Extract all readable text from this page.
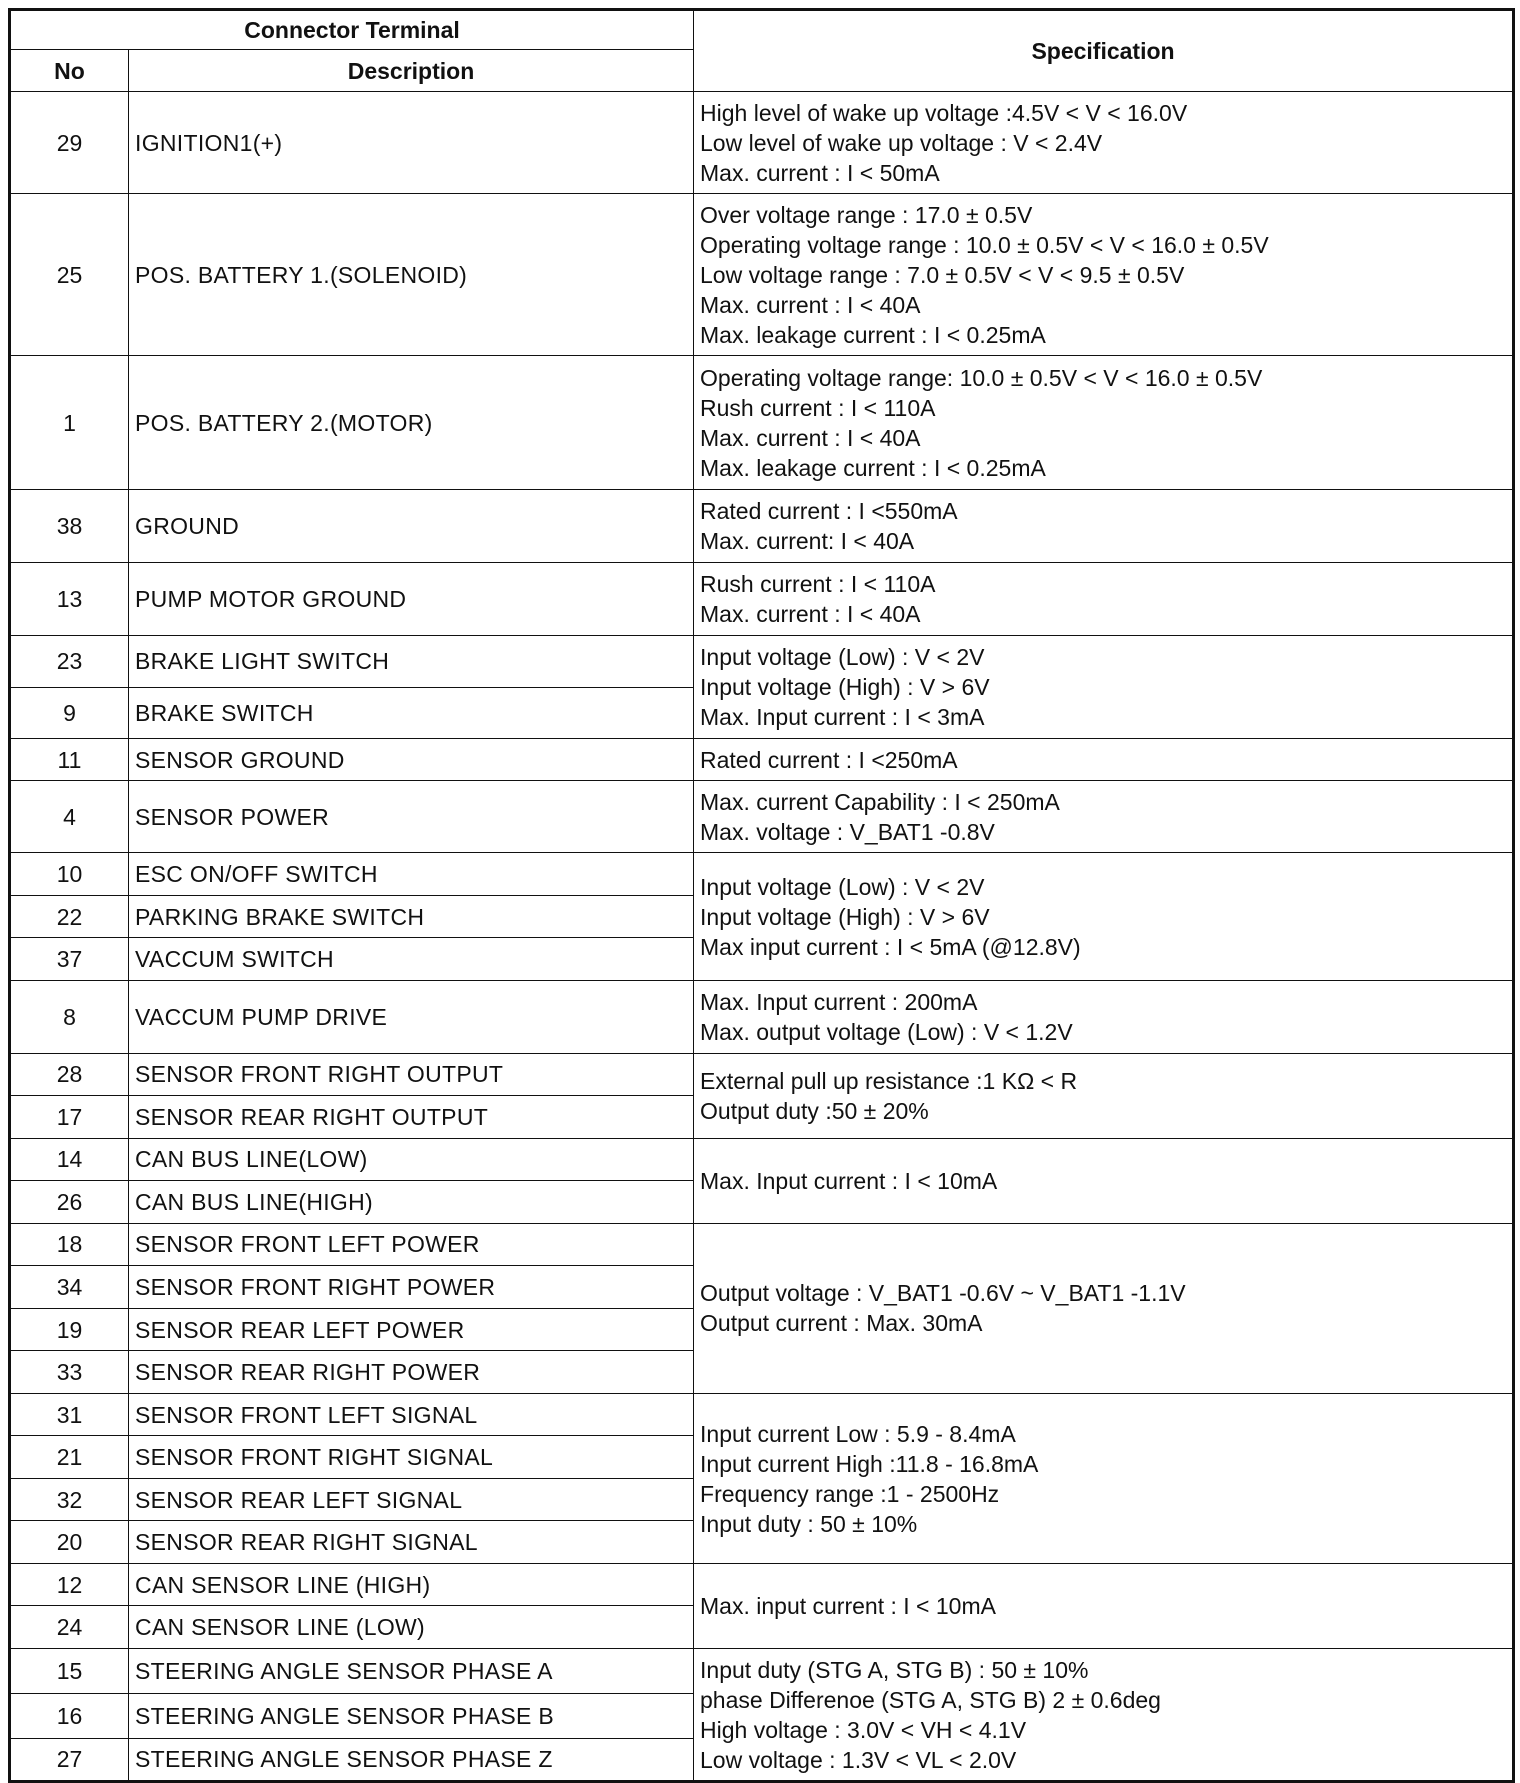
Connector Terminal		Specification
No	Description	
29	IGNITION1(+)	High level of wake up voltage :4.5V < V < 16.0V
Low level of wake up voltage : V < 2.4V
Max. current : I < 50mA

25	POS. BATTERY 1.(SOLENOID)	Over voltage range : 17.0 ± 0.5V
Operating voltage range : 10.0 ± 0.5V < V < 16.0 ± 0.5V
Low voltage range : 7.0 ± 0.5V < V < 9.5 ± 0.5V
Max. current : I < 40A
Max. leakage current : I < 0.25mA

1	POS. BATTERY 2.(MOTOR)	Operating voltage range: 10.0 ± 0.5V < V < 16.0 ± 0.5V
Rush current : I < 110A
Max. current : I < 40A
Max. leakage current : I < 0.25mA

38	GROUND	Rated current : I <550mA
Max. current: I < 40A

13	PUMP MOTOR GROUND	Rush current : I < 110A
Max. current : I < 40A

23	BRAKE LIGHT SWITCH	Input voltage (Low) : V < 2V
Input voltage (High) : V > 6V
Max. Input current : I < 3mA

9	BRAKE SWITCH	
11	SENSOR GROUND	Rated current : I <250mA

4	SENSOR POWER	Max. current Capability : I < 250mA
Max. voltage : V_BAT1 -0.8V

10	ESC ON/OFF SWITCH	Input voltage (Low) : V < 2V
Input voltage (High) : V > 6V
Max input current : I < 5mA (@12.8V)

22	PARKING BRAKE SWITCH	
37	VACCUM SWITCH	
8	VACCUM PUMP DRIVE	Max. Input current : 200mA
Max. output voltage (Low) : V < 1.2V

28	SENSOR FRONT RIGHT OUTPUT	External pull up resistance :1 KΩ < R
Output duty :50 ± 20%

17	SENSOR REAR RIGHT OUTPUT	
14	CAN BUS LINE(LOW)	Max. Input current : I < 10mA

26	CAN BUS LINE(HIGH)	
18	SENSOR FRONT LEFT POWER	Output voltage : V_BAT1 -0.6V ~ V_BAT1 -1.1V
Output current : Max. 30mA

34	SENSOR FRONT RIGHT POWER	
19	SENSOR REAR LEFT POWER	
33	SENSOR REAR RIGHT POWER	
31	SENSOR FRONT LEFT SIGNAL	Input current Low : 5.9 - 8.4mA
Input current High :11.8 - 16.8mA
Frequency range :1 - 2500Hz
Input duty : 50 ± 10%

21	SENSOR FRONT RIGHT SIGNAL	
32	SENSOR REAR LEFT SIGNAL	
20	SENSOR REAR RIGHT SIGNAL	
12	CAN SENSOR LINE (HIGH)	Max. input current : I < 10mA

24	CAN SENSOR LINE (LOW)	
15	STEERING ANGLE SENSOR PHASE A	Input duty (STG A, STG B) : 50 ± 10%
phase Differenoe (STG A, STG B) 2 ± 0.6deg
High voltage : 3.0V < VH < 4.1V
Low voltage : 1.3V < VL < 2.0V

16	STEERING ANGLE SENSOR PHASE B	
27	STEERING ANGLE SENSOR PHASE Z	
